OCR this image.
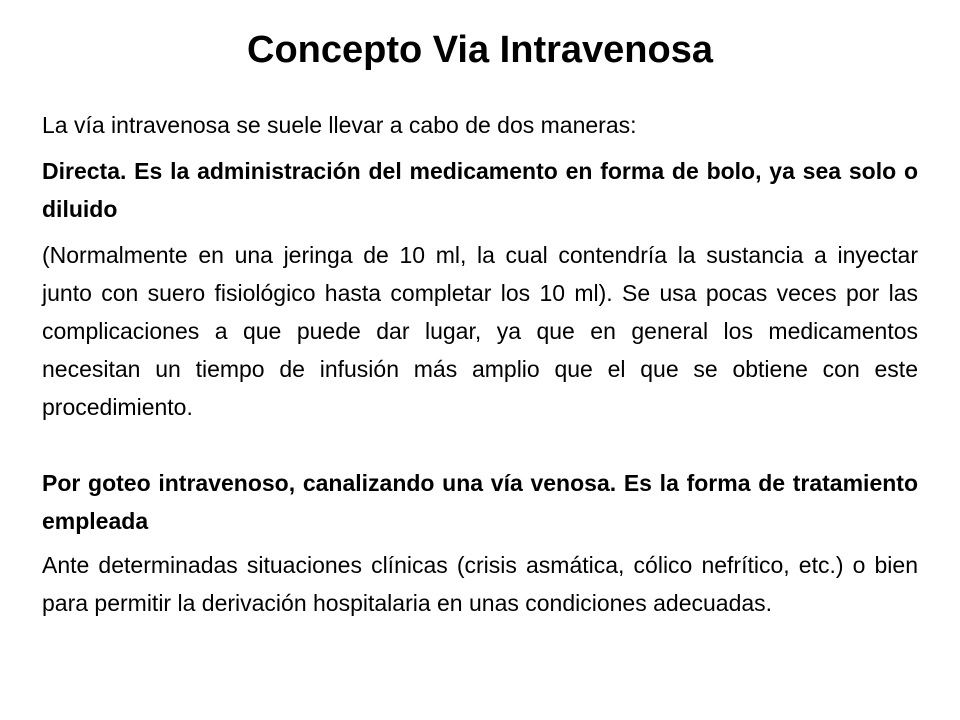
Concepto Via Intravenosa

La vía intravenosa se suele llevar a cabo de dos maneras:

Directa. Es la administración del medicamento en forma de bolo, ya sea solo o diluido

(Normalmente en una jeringa de 10 ml, la cual contendría la sustancia a inyectar junto con suero fisiológico hasta completar los 10 ml). Se usa pocas veces por las complicaciones a que puede dar lugar, ya que en general los medicamentos necesitan un tiempo de infusión más amplio que el que se obtiene con este procedimiento.

Por goteo intravenoso, canalizando una vía venosa. Es la forma de tratamiento empleada

Ante determinadas situaciones clínicas (crisis asmática, cólico nefrítico, etc.) o bien para permitir la derivación hospitalaria en unas condiciones adecuadas.
